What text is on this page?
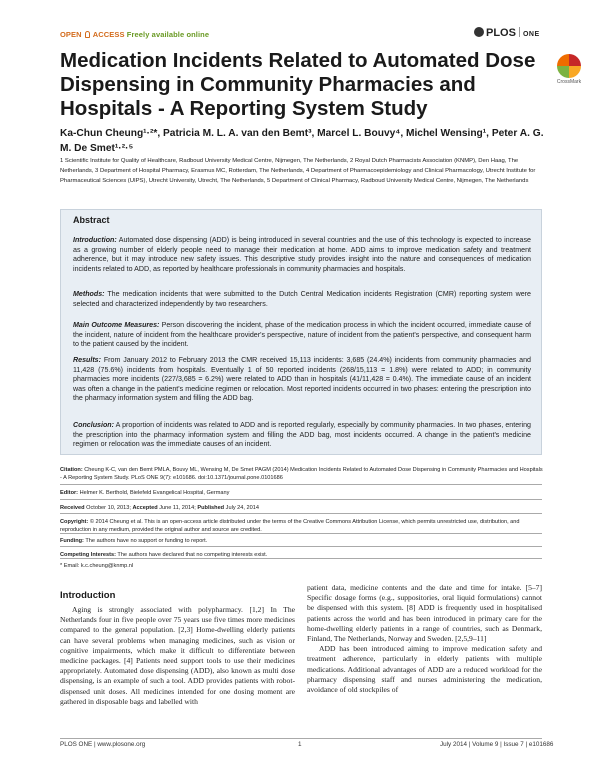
OPEN ACCESS Freely available online	PLOS ONE
Medication Incidents Related to Automated Dose Dispensing in Community Pharmacies and Hospitals - A Reporting System Study
CrossMark
Ka-Chun Cheung¹·²*, Patricia M. L. A. van den Bemt³, Marcel L. Bouvy⁴, Michel Wensing¹, Peter A. G. M. De Smet¹·²·⁵
1 Scientific Institute for Quality of Healthcare, Radboud University Medical Centre, Nijmegen, The Netherlands, 2 Royal Dutch Pharmacists Association (KNMP), Den Haag, The Netherlands, 3 Department of Hospital Pharmacy, Erasmus MC, Rotterdam, The Netherlands, 4 Department of Pharmacoepidemiology and Clinical Pharmacology, Utrecht Institute for Pharmaceutical Sciences (UIPS), Utrecht University, Utrecht, The Netherlands, 5 Department of Clinical Pharmacy, Radboud University Medical Centre, Nijmegen, The Netherlands
Abstract
Introduction: Automated dose dispensing (ADD) is being introduced in several countries and the use of this technology is expected to increase as a growing number of elderly people need to manage their medication at home. ADD aims to improve medication safety and treatment adherence, but it may introduce new safety issues. This descriptive study provides insight into the nature and consequences of medication incidents related to ADD, as reported by healthcare professionals in community pharmacies and hospitals.
Methods: The medication incidents that were submitted to the Dutch Central Medication incidents Registration (CMR) reporting system were selected and characterized independently by two researchers.
Main Outcome Measures: Person discovering the incident, phase of the medication process in which the incident occurred, immediate cause of the incident, nature of incident from the healthcare provider's perspective, nature of incident from the patient's perspective, and consequent harm to the patient caused by the incident.
Results: From January 2012 to February 2013 the CMR received 15,113 incidents: 3,685 (24.4%) incidents from community pharmacies and 11,428 (75.6%) incidents from hospitals. Eventually 1 of 50 reported incidents (268/15,113 = 1.8%) were related to ADD; in community pharmacies more incidents (227/3,685 = 6.2%) were related to ADD than in hospitals (41/11,428 = 0.4%). The immediate cause of an incident was often a change in the patient's medicine regimen or relocation. Most reported incidents occurred in two phases: entering the prescription into the pharmacy information system and filling the ADD bag.
Conclusion: A proportion of incidents was related to ADD and is reported regularly, especially by community pharmacies. In two phases, entering the prescription into the pharmacy information system and filling the ADD bag, most incidents occurred. A change in the patient's medicine regimen or relocation was the immediate causes of an incident.
Citation: Cheung K-C, van den Bemt PMLA, Bouvy ML, Wensing M, De Smet PAGM (2014) Medication Incidents Related to Automated Dose Dispensing in Community Pharmacies and Hospitals - A Reporting System Study. PLoS ONE 9(7): e101686. doi:10.1371/journal.pone.0101686
Editor: Helmer K. Berthold, Bielefeld Evangelical Hospital, Germany
Received October 10, 2013; Accepted June 11, 2014; Published July 24, 2014
Copyright: © 2014 Cheung et al. This is an open-access article distributed under the terms of the Creative Commons Attribution License, which permits unrestricted use, distribution, and reproduction in any medium, provided the original author and source are credited.
Funding: The authors have no support or funding to report.
Competing Interests: The authors have declared that no competing interests exist.
* Email: k.c.cheung@knmp.nl
Introduction

Aging is strongly associated with polypharmacy. [1,2] In The Netherlands four in five people over 75 years use five times more medicines compared to the general population. [2,3] Home-dwelling elderly patients can have several problems when managing medicines, such as vision or cognitive impairments, which make it difficult to differentiate between medicine packages. [4] Patients need support tools to use their medicines appropriately. Automated dose dispensing (ADD), also known as multi dose dispensing, is an example of such a tool. ADD provides patients with robot-dispensed unit doses. All medicines intended for one dosing moment are gathered in disposable bags and labelled with

patient data, medicine contents and the date and time for intake. [5–7] Specific dosage forms (e.g., suppositories, oral liquid formulations) cannot be dispensed with this system. [8] ADD is frequently used in hospitalised patients across the world and has been introduced in primary care for the home-dwelling elderly patients in a range of countries, such as Denmark, Finland, The Netherlands, Norway and Sweden. [2,5,9–11]

ADD has been introduced aiming to improve medication safety and treatment adherence, particularly in elderly patients with multiple medications. Additional advantages of ADD are a reduced workload for the pharmacy dispensing staff and nurses administering the medication, avoidance of old stockpiles of

PLOS ONE | www.plosone.org	1	July 2014 | Volume 9 | Issue 7 | e101686
